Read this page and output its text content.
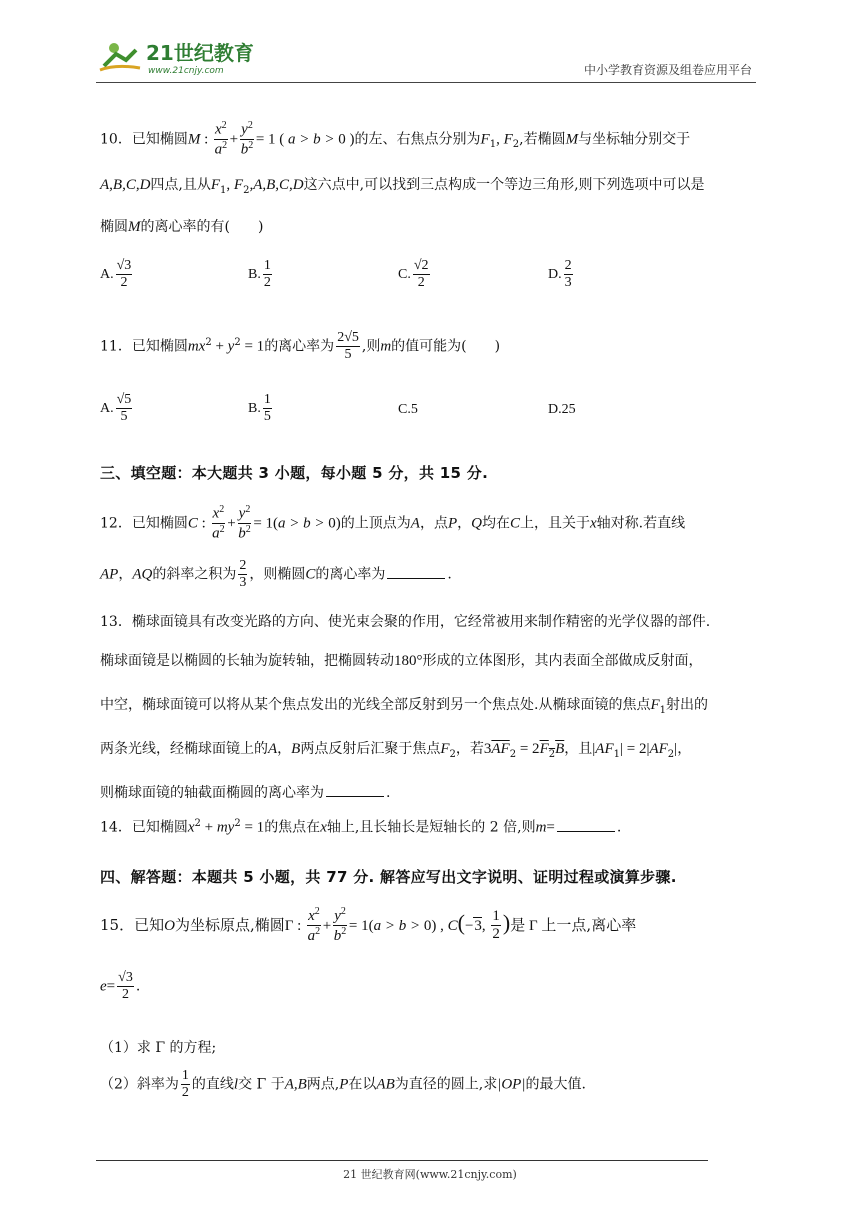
21世纪教育
www.21cnjy.com	中小学教育资源及组卷应用平台
10．已知椭圆M : $\frac{x^2}{a^2} + \frac{y^2}{b^2} = 1$ ( a > b > 0 )的左、右焦点分别为$F_1$, $F_2$,若椭圆M与坐标轴分别交于
A,B,C,D四点,且从$F_1$, $F_2,A,B,C,D$这六点中,可以找到三点构成一个等边三角形,则下列选项中可以是
椭圆M的离心率的有(　　)
A. $\frac{√3}{2}$	B. $\frac{1}{2}$	C. $\frac{√2}{2}$	D. $\frac{2}{3}$
11．已知椭圆$mx^2 + y^2 = 1$的离心率为 $\frac{2√5}{5}$ ,则m的值可能为(　　)
A. $\frac{√5}{5}$	B. $\frac{1}{5}$	C.5	D.25
三、填空题：本大题共 3 小题，每小题 5 分，共 15 分.
12．已知椭圆C : $\frac{x^2}{a^2} + \frac{y^2}{b^2} = 1(a > b > 0)$的上顶点为A，点P，Q均在C上，且关于x轴对称.若直线
AP，AQ的斜率之积为 $\frac{2}{3}$ ，则椭圆C的离心率为	.
13．椭球面镜具有改变光路的方向、使光束会聚的作用，它经常被用来制作精密的光学仪器的部件.
椭球面镜是以椭圆的长轴为旋转轴，把椭圆转动180°形成的立体图形，其内表面全部做成反射面，
中空，椭球面镜可以将从某个焦点发出的光线全部反射到另一个焦点处.从椭球面镜的焦点$F_1$射出的
两条光线，经椭球面镜上的A，B两点反射后汇聚于焦点$F_2$，若$3\overline{AF}_2 = 2\overline{F}_2\overline{B}$，且$|AF_1| = 2|AF_2|$，
则椭球面镜的轴截面椭圆的离心率为	.
14．已知椭圆$x^2 + my^2 = 1$的焦点在x轴上,且长轴长是短轴长的 2 倍,则m=	.
四、解答题：本题共 5 小题，共 77 分. 解答应写出文字说明、证明过程或演算步骤.
15．已知O为坐标原点,椭圆Γ : $\frac{x^2}{a^2} + \frac{y^2}{b^2} = 1(a > b > 0)$ , C(−3, $\frac{1}{2}$ )是 Γ 上一点,离心率
$e= \frac{√3}{2}$ .
（1）求 Γ 的方程;
（2）斜率为 $\frac{1}{2}$ 的直线l交 Γ 于A,B两点,P在以AB为直径的圆上,求|OP|的最大值.
21 世纪教育网(www.21cnjy.com)
